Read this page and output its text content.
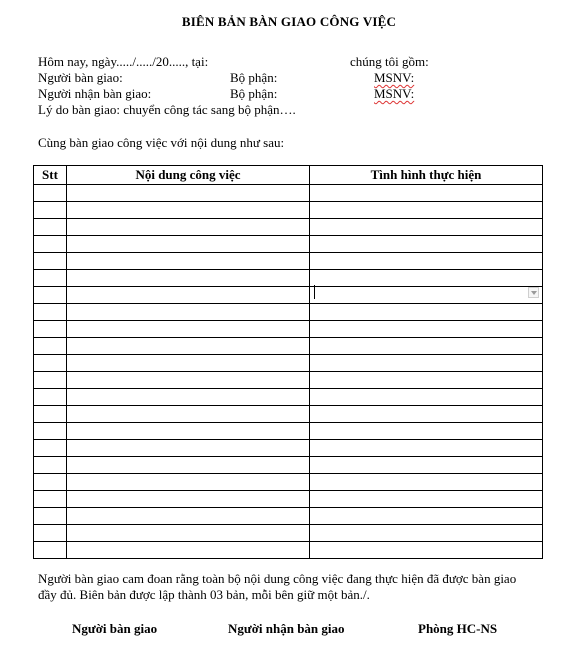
BIÊN BẢN BÀN GIAO CÔNG VIỆC
Hôm nay, ngày...../...../20....., tại:	chúng tôi gồm:
Người bàn giao:	Bộ phận:	MSNV:
Người nhận bàn giao:	Bộ phận:	MSNV:
Lý do bàn giao: chuyển công tác sang bộ phận….
Cùng bàn giao công việc với nội dung như sau:
Stt	Nội dung công việc	Tình hình thực hiện

Người bàn giao cam đoan rằng toàn bộ nội dung công việc đang thực hiện đã được bàn giao đầy đủ. Biên bản được lập thành 03 bản, mỗi bên giữ một bản./.
Người bàn giao	Người nhận bàn giao	Phòng HC-NS
